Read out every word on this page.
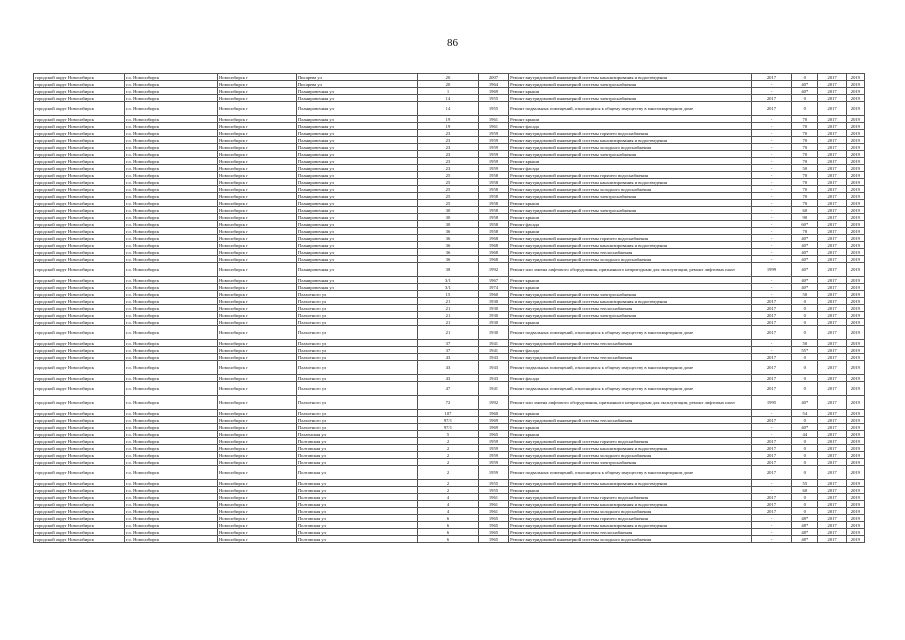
86
городской округ Новосибирск	г.о. Новосибирск	Новосибирск г	Писарева ул	20	2007	Ремонт внутридомовой инженерной системы канализирования и водоотведения	2017	0	2017	2019
городской округ Новосибирск	г.о. Новосибирск	Новосибирск г	Писарева ул	20	1964	Ремонт внутридомовой инженерной системы электроснабжения	-	40*	2017	2019
городской округ Новосибирск	г.о. Новосибирск	Новосибирск г	Планировочная ул	1	1969	Ремонт крыши	-	40*	2017	2019
городской округ Новосибирск	г.о. Новосибирск	Новосибирск г	Планировочная ул	14	1955	Ремонт внутридомовой инженерной системы электроснабжения	2017	0	2017	2019
городской округ Новосибирск	г.о. Новосибирск	Новосибирск г	Планировочная ул	14	1955	Ремонт подвальных помещений, относящихся к общему имуществу в многоквартирном доме	2017	0	2017	2019
городской округ Новосибирск	г.о. Новосибирск	Новосибирск г	Планировочная ул	19	1961	Ремонт крыши	-	70	2017	2019
городской округ Новосибирск	г.о. Новосибирск	Новосибирск г	Планировочная ул	19	1961	Ремонт фасада	-	70	2017	2019
городской округ Новосибирск	г.о. Новосибирск	Новосибирск г	Планировочная ул	23	1959	Ремонт внутридомовой инженерной системы горячего водоснабжения	-	70	2017	2019
городской округ Новосибирск	г.о. Новосибирск	Новосибирск г	Планировочная ул	23	1959	Ремонт внутридомовой инженерной системы канализирования и водоотведения	-	70	2017	2019
городской округ Новосибирск	г.о. Новосибирск	Новосибирск г	Планировочная ул	23	1959	Ремонт внутридомовой инженерной системы холодного водоснабжения	-	70	2017	2019
городской округ Новосибирск	г.о. Новосибирск	Новосибирск г	Планировочная ул	23	1959	Ремонт внутридомовой инженерной системы электроснабжения	-	70	2017	2019
городской округ Новосибирск	г.о. Новосибирск	Новосибирск г	Планировочная ул	23	1959	Ремонт крыши	-	70	2017	2019
городской округ Новосибирск	г.о. Новосибирск	Новосибирск г	Планировочная ул	23	1959	Ремонт фасада	-	50	2017	2019
городской округ Новосибирск	г.о. Новосибирск	Новосибирск г	Планировочная ул	25	1958	Ремонт внутридомовой инженерной системы горячего водоснабжения	-	70	2017	2019
городской округ Новосибирск	г.о. Новосибирск	Новосибирск г	Планировочная ул	25	1958	Ремонт внутридомовой инженерной системы канализирования и водоотведения	-	70	2017	2019
городской округ Новосибирск	г.о. Новосибирск	Новосибирск г	Планировочная ул	25	1958	Ремонт внутридомовой инженерной системы холодного водоснабжения	-	70	2017	2019
городской округ Новосибирск	г.о. Новосибирск	Новосибирск г	Планировочная ул	25	1958	Ремонт внутридомовой инженерной системы электроснабжения	-	70	2017	2019
городской округ Новосибирск	г.о. Новосибирск	Новосибирск г	Планировочная ул	25	1958	Ремонт крыши	-	70	2017	2019
городской округ Новосибирск	г.о. Новосибирск	Новосибирск г	Планировочная ул	30	1958	Ремонт внутридомовой инженерной системы электроснабжения	-	60	2017	2019
городской округ Новосибирск	г.о. Новосибирск	Новосибирск г	Планировочная ул	30	1958	Ремонт крыши	-	90	2017	2019
городской округ Новосибирск	г.о. Новосибирск	Новосибирск г	Планировочная ул	30	1958	Ремонт фасада	-	60*	2017	2019
городской округ Новосибирск	г.о. Новосибирск	Новосибирск г	Планировочная ул	36	1958	Ремонт крыши	-	70	2017	2019
городской округ Новосибирск	г.о. Новосибирск	Новосибирск г	Планировочная ул	36	1968	Ремонт внутридомовой инженерной системы горячего водоснабжения	-	40*	2017	2019
городской округ Новосибирск	г.о. Новосибирск	Новосибирск г	Планировочная ул	36	1968	Ремонт внутридомовой инженерной системы канализирования и водоотведения	-	40*	2017	2019
городской округ Новосибирск	г.о. Новосибирск	Новосибирск г	Планировочная ул	36	1968	Ремонт внутридомовой инженерной системы теплоснабжения	-	40*	2017	2019
городской округ Новосибирск	г.о. Новосибирск	Новосибирск г	Планировочная ул	36	1968	Ремонт внутридомовой инженерной системы холодного водоснабжения	-	40*	2017	2019
городской округ Новосибирск	г.о. Новосибирск	Новосибирск г	Планировочная ул	38	1992	Ремонт или замена лифтового оборудования, признанного непригодным для эксплуатации, ремонт лифтовых шахт	1999	40*	2017	2019
городской округ Новосибирск	г.о. Новосибирск	Новосибирск г	Планировочная ул	3/1	1967	Ремонт крыши	-	40*	2017	2019
городской округ Новосибирск	г.о. Новосибирск	Новосибирск г	Планировочная ул	3/1	1974	Ремонт крыши	-	40*	2017	2019
городской округ Новосибирск	г.о. Новосибирск	Новосибирск г	Плахотного ул	15	1960	Ремонт внутридомовой инженерной системы электроснабжения	-	50	2017	2019
городской округ Новосибирск	г.о. Новосибирск	Новосибирск г	Плахотного ул	21	1930	Ремонт внутридомовой инженерной системы канализирования и водоотведения	2017	0	2017	2019
городской округ Новосибирск	г.о. Новосибирск	Новосибирск г	Плахотного ул	21	1930	Ремонт внутридомовой инженерной системы теплоснабжения	2017	0	2017	2019
городской округ Новосибирск	г.о. Новосибирск	Новосибирск г	Плахотного ул	21	1930	Ремонт внутридомовой инженерной системы электроснабжения	2017	0	2017	2019
городской округ Новосибирск	г.о. Новосибирск	Новосибирск г	Плахотного ул	21	1930	Ремонт крыши	2017	0	2017	2019
городской округ Новосибирск	г.о. Новосибирск	Новосибирск г	Плахотного ул	21	1930	Ремонт подвальных помещений, относящихся к общему имуществу в многоквартирном доме	2017	0	2017	2019
городской округ Новосибирск	г.о. Новосибирск	Новосибирск г	Плахотного ул	37	1941	Ремонт внутридомовой инженерной системы теплоснабжения	-	50	2017	2019
городской округ Новосибирск	г.о. Новосибирск	Новосибирск г	Плахотного ул	37	1941	Ремонт фасада	-	55*	2017	2019
городской округ Новосибирск	г.о. Новосибирск	Новосибирск г	Плахотного ул	43	1943	Ремонт внутридомовой инженерной системы теплоснабжения	2017	0	2017	2019
городской округ Новосибирск	г.о. Новосибирск	Новосибирск г	Плахотного ул	43	1943	Ремонт подвальных помещений, относящихся к общему имуществу в многоквартирном доме	2017	0	2017	2019
городской округ Новосибирск	г.о. Новосибирск	Новосибирск г	Плахотного ул	43	1943	Ремонт фасада	2017	0	2017	2019
городской округ Новосибирск	г.о. Новосибирск	Новосибирск г	Плахотного ул	47	1941	Ремонт подвальных помещений, относящихся к общему имуществу в многоквартирном доме	2017	0	2017	2019
городской округ Новосибирск	г.о. Новосибирск	Новосибирск г	Плахотного ул	72	1992	Ремонт или замена лифтового оборудования, признанного непригодным для эксплуатации, ремонт лифтовых шахт	1995	40*	2017	2019
городской округ Новосибирск	г.о. Новосибирск	Новосибирск г	Плахотного ул	107	1960	Ремонт крыши	-	54	2017	2019
городской округ Новосибирск	г.о. Новосибирск	Новосибирск г	Плахотного ул	97/1	1969	Ремонт внутридомовой инженерной системы теплоснабжения	2017	0	2017	2019
городской округ Новосибирск	г.о. Новосибирск	Новосибирск г	Плахотного ул	97/1	1969	Ремонт крыши	-	40*	2017	2019
городской округ Новосибирск	г.о. Новосибирск	Новосибирск г	Пльзенская ул	5	1965	Ремонт крыши	-	44	2017	2019
городской округ Новосибирск	г.о. Новосибирск	Новосибирск г	Полтавская ул	2	1959	Ремонт внутридомовой инженерной системы горячего водоснабжения	2017	0	2017	2019
городской округ Новосибирск	г.о. Новосибирск	Новосибирск г	Полтавская ул	2	1959	Ремонт внутридомовой инженерной системы канализирования и водоотведения	2017	0	2017	2019
городской округ Новосибирск	г.о. Новосибирск	Новосибирск г	Полтавская ул	2	1959	Ремонт внутридомовой инженерной системы холодного водоснабжения	2017	0	2017	2019
городской округ Новосибирск	г.о. Новосибирск	Новосибирск г	Полтавская ул	2	1959	Ремонт внутридомовой инженерной системы электроснабжения	2017	0	2017	2019
городской округ Новосибирск	г.о. Новосибирск	Новосибирск г	Полтавская ул	2	1959	Ремонт подвальных помещений, относящихся к общему имуществу в многоквартирном доме	2017	0	2017	2019
городской округ Новосибирск	г.о. Новосибирск	Новосибирск г	Полтавская ул	2	1955	Ремонт внутридомовой инженерной системы канализирования и водоотведения	-	55	2017	2019
городской округ Новосибирск	г.о. Новосибирск	Новосибирск г	Полтавская ул	2	1955	Ремонт крыши	-	60	2017	2019
городской округ Новосибирск	г.о. Новосибирск	Новосибирск г	Полтавская ул	4	1961	Ремонт внутридомовой инженерной системы горячего водоснабжения	2017	0	2017	2019
городской округ Новосибирск	г.о. Новосибирск	Новосибирск г	Полтавская ул	4	1961	Ремонт внутридомовой инженерной системы канализирования и водоотведения	2017	0	2017	2019
городской округ Новосибирск	г.о. Новосибирск	Новосибирск г	Полтавская ул	4	1961	Ремонт внутридомовой инженерной системы холодного водоснабжения	2017	0	2017	2019
городской округ Новосибирск	г.о. Новосибирск	Новосибирск г	Полтавская ул	6	1965	Ремонт внутридомовой инженерной системы горячего водоснабжения	-	48*	2017	2019
городской округ Новосибирск	г.о. Новосибирск	Новосибирск г	Полтавская ул	6	1965	Ремонт внутридомовой инженерной системы канализирования и водоотведения	-	48*	2017	2019
городской округ Новосибирск	г.о. Новосибирск	Новосибирск г	Полтавская ул	6	1965	Ремонт внутридомовой инженерной системы теплоснабжения	-	48*	2017	2019
городской округ Новосибирск	г.о. Новосибирск	Новосибирск г	Полтавская ул	6	1965	Ремонт внутридомовой инженерной системы холодного водоснабжения	-	48*	2017	2019
